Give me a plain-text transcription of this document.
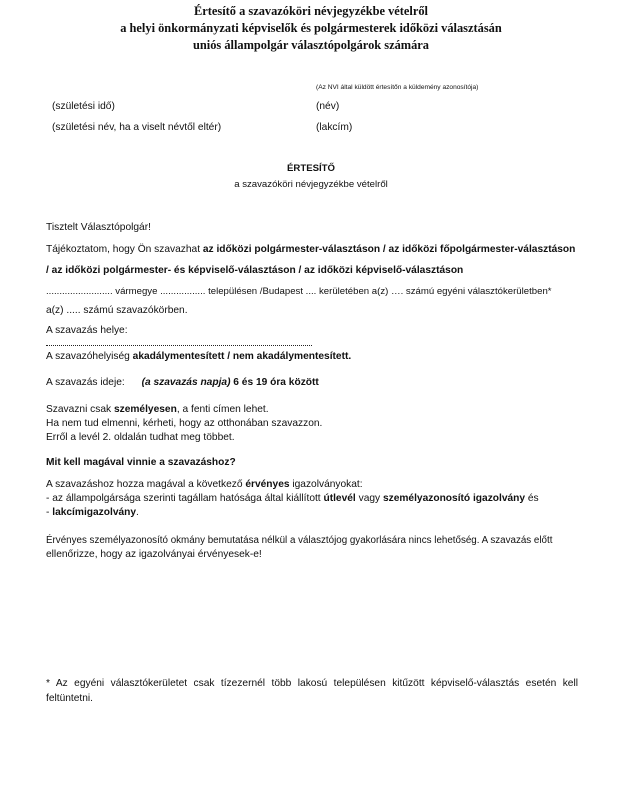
Értesítő a szavazóköri névjegyzékbe vételről
a helyi önkormányzati képviselők és polgármesterek időközi választásán
uniós állampolgár választópolgárok számára
(Az NVI által küldött értesítőn a küldemény azonosítója)
(születési idő)	(név)
(születési név, ha a viselt névtől eltér)	(lakcím)
ÉRTESÍTŐ
a szavazóköri névjegyzékbe vételről
Tisztelt Választópolgár!
Tájékoztatom, hogy Ön szavazhat az időközi polgármester-választáson / az időközi főpolgármester-választáson
/ az időközi polgármester- és képviselő-választáson / az időközi képviselő-választáson
......................... vármegye ................. településen /Budapest .... kerületében a(z) …. számú egyéni választókerületben*
a(z) ..... számú szavazókörben.
A szavazás helye:
A szavazóhelyiség akadálymentesített / nem akadálymentesített.
A szavazás ideje: (a szavazás napja) 6 és 19 óra között
Szavazni csak személyesen, a fenti címen lehet.
Ha nem tud elmenni, kérheti, hogy az otthonában szavazzon.
Erről a levél 2. oldalán tudhat meg többet.
Mit kell magával vinnie a szavazáshoz?
A szavazáshoz hozza magával a következő érvényes igazolványokat:
- az állampolgársága szerinti tagállam hatósága által kiállított útlevél vagy személyazonosító igazolvány és
- lakcímigazolvány.
Érvényes személyazonosító okmány bemutatása nélkül a választójog gyakorlására nincs lehetőség. A szavazás előtt
ellenőrizze, hogy az igazolványai érvényesek-e!
* Az egyéni választókerületet csak tízezernél több lakosú településen kitűzött képviselő-választás esetén kell feltüntetni.
